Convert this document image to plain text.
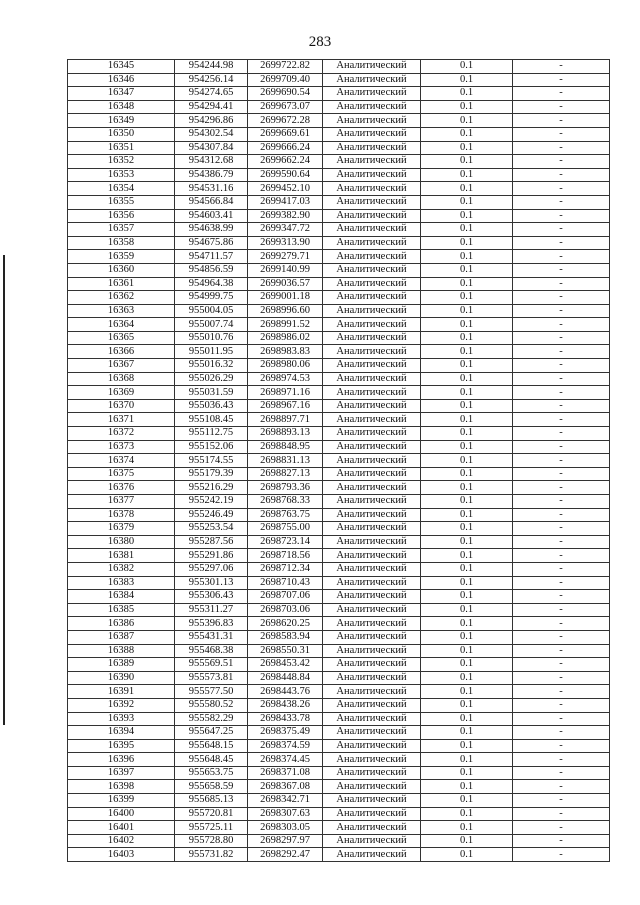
283
16345	954244.98	2699722.82	Аналитический	0.1	-
16346	954256.14	2699709.40	Аналитический	0.1	-
16347	954274.65	2699690.54	Аналитический	0.1	-
16348	954294.41	2699673.07	Аналитический	0.1	-
16349	954296.86	2699672.28	Аналитический	0.1	-
16350	954302.54	2699669.61	Аналитический	0.1	-
16351	954307.84	2699666.24	Аналитический	0.1	-
16352	954312.68	2699662.24	Аналитический	0.1	-
16353	954386.79	2699590.64	Аналитический	0.1	-
16354	954531.16	2699452.10	Аналитический	0.1	-
16355	954566.84	2699417.03	Аналитический	0.1	-
16356	954603.41	2699382.90	Аналитический	0.1	-
16357	954638.99	2699347.72	Аналитический	0.1	-
16358	954675.86	2699313.90	Аналитический	0.1	-
16359	954711.57	2699279.71	Аналитический	0.1	-
16360	954856.59	2699140.99	Аналитический	0.1	-
16361	954964.38	2699036.57	Аналитический	0.1	-
16362	954999.75	2699001.18	Аналитический	0.1	-
16363	955004.05	2698996.60	Аналитический	0.1	-
16364	955007.74	2698991.52	Аналитический	0.1	-
16365	955010.76	2698986.02	Аналитический	0.1	-
16366	955011.95	2698983.83	Аналитический	0.1	-
16367	955016.32	2698980.06	Аналитический	0.1	-
16368	955026.29	2698974.53	Аналитический	0.1	-
16369	955031.59	2698971.16	Аналитический	0.1	-
16370	955036.43	2698967.16	Аналитический	0.1	-
16371	955108.45	2698897.71	Аналитический	0.1	-
16372	955112.75	2698893.13	Аналитический	0.1	-
16373	955152.06	2698848.95	Аналитический	0.1	-
16374	955174.55	2698831.13	Аналитический	0.1	-
16375	955179.39	2698827.13	Аналитический	0.1	-
16376	955216.29	2698793.36	Аналитический	0.1	-
16377	955242.19	2698768.33	Аналитический	0.1	-
16378	955246.49	2698763.75	Аналитический	0.1	-
16379	955253.54	2698755.00	Аналитический	0.1	-
16380	955287.56	2698723.14	Аналитический	0.1	-
16381	955291.86	2698718.56	Аналитический	0.1	-
16382	955297.06	2698712.34	Аналитический	0.1	-
16383	955301.13	2698710.43	Аналитический	0.1	-
16384	955306.43	2698707.06	Аналитический	0.1	-
16385	955311.27	2698703.06	Аналитический	0.1	-
16386	955396.83	2698620.25	Аналитический	0.1	-
16387	955431.31	2698583.94	Аналитический	0.1	-
16388	955468.38	2698550.31	Аналитический	0.1	-
16389	955569.51	2698453.42	Аналитический	0.1	-
16390	955573.81	2698448.84	Аналитический	0.1	-
16391	955577.50	2698443.76	Аналитический	0.1	-
16392	955580.52	2698438.26	Аналитический	0.1	-
16393	955582.29	2698433.78	Аналитический	0.1	-
16394	955647.25	2698375.49	Аналитический	0.1	-
16395	955648.15	2698374.59	Аналитический	0.1	-
16396	955648.45	2698374.45	Аналитический	0.1	-
16397	955653.75	2698371.08	Аналитический	0.1	-
16398	955658.59	2698367.08	Аналитический	0.1	-
16399	955685.13	2698342.71	Аналитический	0.1	-
16400	955720.81	2698307.63	Аналитический	0.1	-
16401	955725.11	2698303.05	Аналитический	0.1	-
16402	955728.80	2698297.97	Аналитический	0.1	-
16403	955731.82	2698292.47	Аналитический	0.1	-
